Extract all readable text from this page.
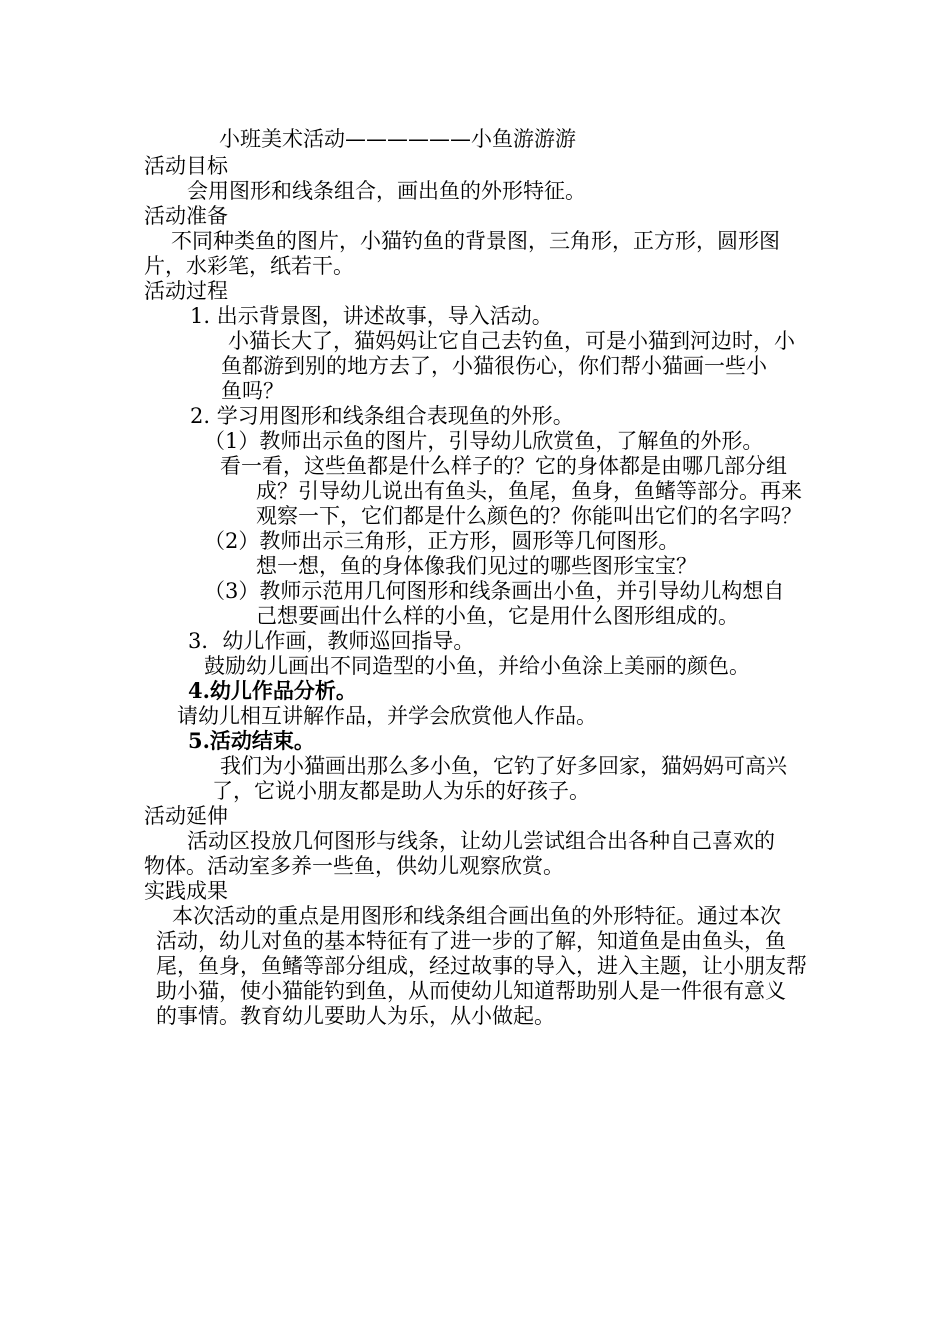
小班美术活动——————小鱼游游游
活动目标
会用图形和线条组合，画出鱼的外形特征。
活动准备
不同种类鱼的图片，小猫钓鱼的背景图，三角形，正方形，圆形图
片，水彩笔，纸若干。
活动过程
1. 出示背景图，讲述故事，导入活动。
小猫长大了，猫妈妈让它自己去钓鱼，可是小猫到河边时，小
鱼都游到别的地方去了，小猫很伤心，你们帮小猫画一些小
鱼吗？
2. 学习用图形和线条组合表现鱼的外形。
（1）教师出示鱼的图片，引导幼儿欣赏鱼，了解鱼的外形。
看一看，这些鱼都是什么样子的？它的身体都是由哪几部分组
成？引导幼儿说出有鱼头，鱼尾，鱼身，鱼鳍等部分。再来
观察一下，它们都是什么颜色的？你能叫出它们的名字吗？
（2）教师出示三角形，正方形，圆形等几何图形。
想一想，鱼的身体像我们见过的哪些图形宝宝？
（3）教师示范用几何图形和线条画出小鱼，并引导幼儿构想自
己想要画出什么样的小鱼，它是用什么图形组成的。
3．幼儿作画，教师巡回指导。
鼓励幼儿画出不同造型的小鱼，并给小鱼涂上美丽的颜色。
4.幼儿作品分析。
请幼儿相互讲解作品，并学会欣赏他人作品。
5.活动结束。
我们为小猫画出那么多小鱼，它钓了好多回家，猫妈妈可高兴
了，它说小朋友都是助人为乐的好孩子。
活动延伸
活动区投放几何图形与线条，让幼儿尝试组合出各种自己喜欢的
物体。活动室多养一些鱼，供幼儿观察欣赏。
实践成果
本次活动的重点是用图形和线条组合画出鱼的外形特征。通过本次
活动，幼儿对鱼的基本特征有了进一步的了解，知道鱼是由鱼头，鱼
尾，鱼身，鱼鳍等部分组成，经过故事的导入，进入主题，让小朋友帮
助小猫，使小猫能钓到鱼，从而使幼儿知道帮助别人是一件很有意义
的事情。教育幼儿要助人为乐，从小做起。
